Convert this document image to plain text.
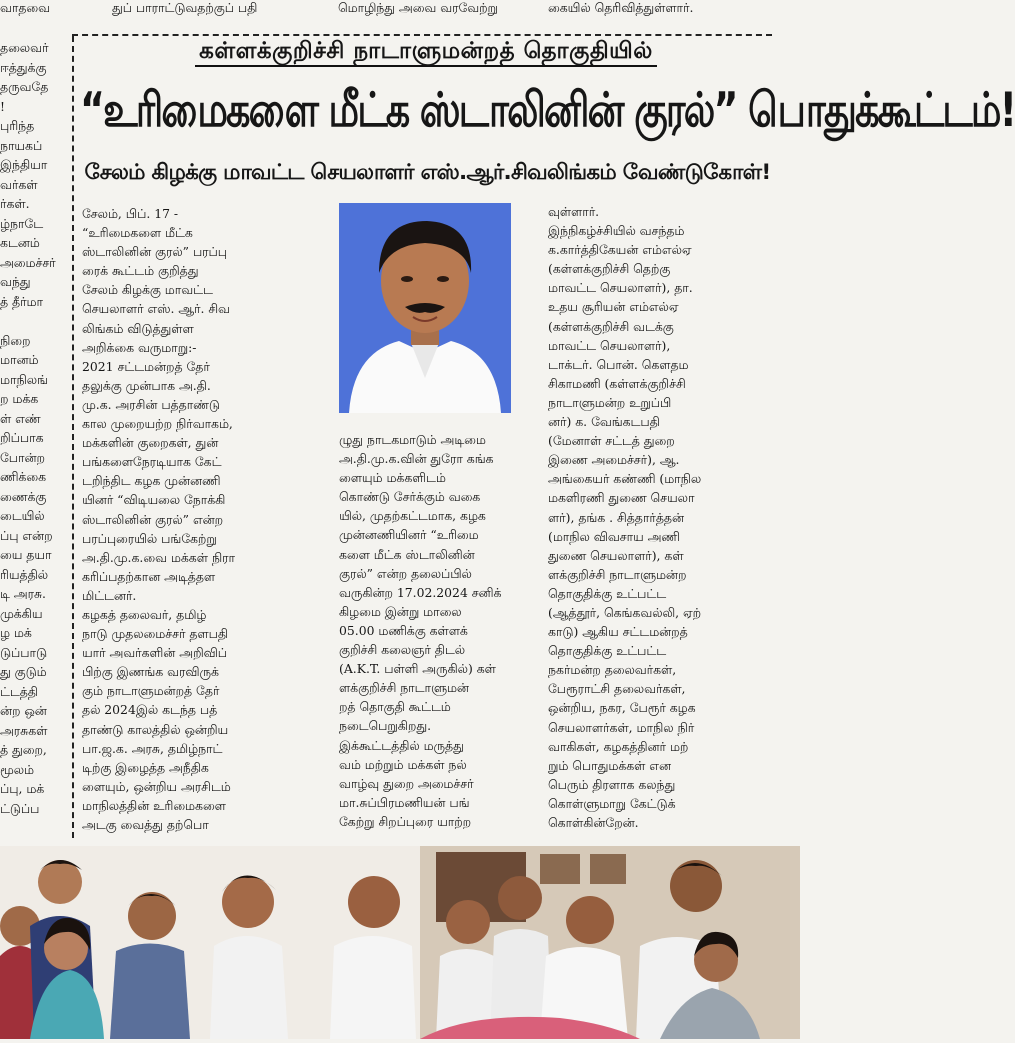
வாதவை	துப் பாராட்டுவதற்குப் பதி	மொழிந்து அவை வரவேற்று	கையில் தெரிவித்துள்ளார்.

தலைவர்

ஈத்துக்கு

தருவதே

!

புரிந்த

நாயகப்

இந்தியா

வர்கள்

ர்கள்.

ழ்நாடே

கடனம்

அமைச்சர்

வந்து

த் தீர்மா

நிறை

மானம்

மாநிலங்

ற மக்க

ள் எண்

றிப்பாக

போன்ற

ணிக்கை

ணைக்கு

டையில்

ப்பு என்ற

யை தயா

ரியத்தில்

டி அரசு.

முக்கிய

ழ மக்

டுப்பாடு

து குடும்

ட்டத்தி

ன்ற ஒன்

அரசுகள்

த் துறை,

மூலம்

ப்பு, மக்

ட்டுப்ப

கள்ளக்குறிச்சி நாடாளுமன்றத் தொகுதியில்
“உரிமைகளை மீட்க ஸ்டாலினின் குரல்” பொதுக்கூட்டம்!
சேலம் கிழக்கு மாவட்ட செயலாளர் எஸ்.ஆர்.சிவலிங்கம் வேண்டுகோள்!

சேலம், பிப். 17 -

“உரிமைகளை மீட்க

ஸ்டாலினின் குரல்” பரப்பு

ரைக் கூட்டம் குறித்து

சேலம் கிழக்கு மாவட்ட

செயலாளர் எஸ். ஆர். சிவ

லிங்கம் விடுத்துள்ள

அறிக்கை வருமாறு:-

2021 சட்டமன்றத் தேர்

தலுக்கு முன்பாக அ.தி.

மு.க. அரசின் பத்தாண்டு

கால முறையற்ற நிர்வாகம்,

மக்களின் குறைகள், துன்

பங்களைநேரடியாக கேட்

டறிந்திட கழக முன்னணி

யினர் “விடியலை நோக்கி

ஸ்டாலினின் குரல்” என்ற

பரப்புரையில் பங்கேற்று

அ.தி.மு.க.வை மக்கள் நிரா

கரிப்பதற்கான அடித்தள

மிட்டனர்.

கழகத் தலைவர், தமிழ்

நாடு முதலமைச்சர் தளபதி

யார் அவர்களின் அறிவிப்

பிற்கு இணங்க வரவிருக்

கும் நாடாளுமன்றத் தேர்

தல் 2024இல் கடந்த பத்

தாண்டு காலத்தில் ஒன்றிய

பா.ஜ.க. அரசு, தமிழ்நாட்

டிற்கு இழைத்த அநீதிக

ளையும், ஒன்றிய அரசிடம்

மாநிலத்தின் உரிமைகளை

அடகு வைத்து தற்பொ

ழுது நாடகமாடும் அடிமை

அ.தி.மு.க.வின் துரோ கங்க

ளையும் மக்களிடம்

கொண்டு சேர்க்கும் வகை

யில், முதற்கட்டமாக, கழக

முன்னணியினர் “உரிமை

களை மீட்க ஸ்டாலினின்

குரல்” என்ற தலைப்பில்

வருகின்ற 17.02.2024 சனிக்

கிழமை இன்று மாலை

05.00 மணிக்கு கள்ளக்

குறிச்சி கலைஞர் திடல்

(A.K.T. பள்ளி அருகில்) கள்

ளக்குறிச்சி நாடாளுமன்

றத் தொகுதி கூட்டம்

நடைபெறுகிறது.

இக்கூட்டத்தில் மருத்து

வம் மற்றும் மக்கள் நல்

வாழ்வு துறை அமைச்சர்

மா.சுப்பிரமணியன் பங்

கேற்று சிறப்புரை யாற்ற

வுள்ளார்.

இந்நிகழ்ச்சியில் வசந்தம்

க.கார்த்திகேயன் எம்எல்ஏ

(கள்ளக்குறிச்சி தெற்கு

மாவட்ட செயலாளர்), தா.

உதய சூரியன் எம்எல்ஏ

(கள்ளக்குறிச்சி வடக்கு

மாவட்ட செயலாளர்),

டாக்டர். பொன். கௌதம

சிகாமணி (கள்ளக்குறிச்சி

நாடாளுமன்ற உறுப்பி

னர்) க. வேங்கடபதி

(மேனாள் சட்டத் துறை

இணை அமைச்சர்), ஆ.

அங்கையர் கண்ணி (மாநில

மகளிரணி துணை செயலா

ளர்), தங்க . சித்தார்த்தன்

(மாநில விவசாய அணி

துணை செயலாளர்), கள்

ளக்குறிச்சி நாடாளுமன்ற

தொகுதிக்கு உட்பட்ட

(ஆத்தூர், கெங்கவல்லி, ஏற்

காடு) ஆகிய சட்டமன்றத்

தொகுதிக்கு உட்பட்ட

நகர்மன்ற தலைவர்கள்,

பேரூராட்சி தலைவர்கள்,

ஒன்றிய, நகர, பேரூர் கழக

செயலாளர்கள், மாநில நிர்

வாகிகள், கழகத்தினர் மற்

றும் பொதுமக்கள் என

பெரும் திரளாக கலந்து

கொள்ளுமாறு கேட்டுக்

கொள்கின்றேன்.
